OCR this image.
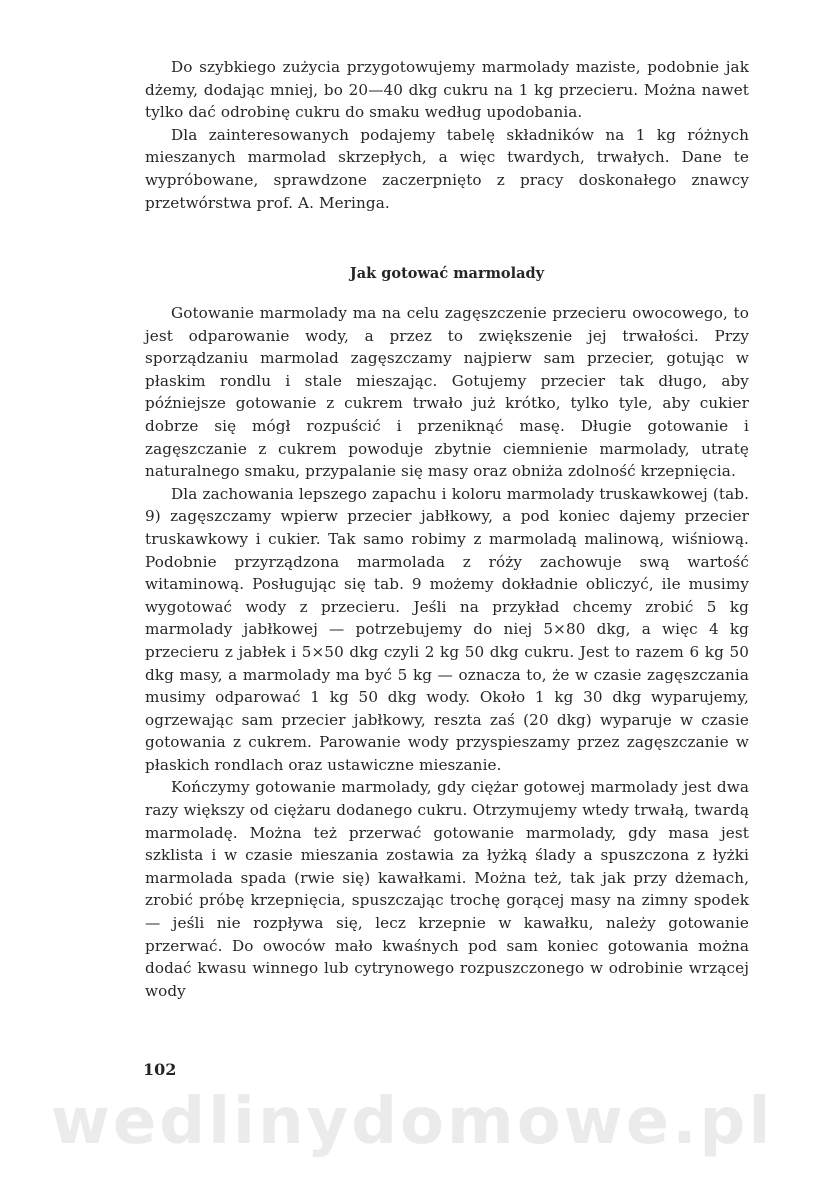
Do szybkiego zużycia przygotowujemy marmolady maziste, podobnie jak dżemy, dodając mniej, bo 20—40 dkg cukru na 1 kg przecieru. Można nawet tylko dać odrobinę cukru do smaku według upodobania.

Dla zainteresowanych podajemy tabelę składników na 1 kg różnych mieszanych marmolad skrzepłych, a więc twardych, trwałych. Dane te wypróbowane, sprawdzone zaczerpnięto z pracy doskonałego znawcy przetwórstwa prof. A. Meringa.

Jak gotować marmolady

Gotowanie marmolady ma na celu zagęszczenie przecieru owocowego, to jest odparowanie wody, a przez to zwiększenie jej trwałości. Przy sporządzaniu marmolad zagęszczamy najpierw sam przecier, gotując w płaskim rondlu i stale mieszając. Gotujemy przecier tak długo, aby późniejsze gotowanie z cukrem trwało już krótko, tylko tyle, aby cukier dobrze się mógł rozpuścić i przeniknąć masę. Długie gotowanie i zagęszczanie z cukrem powoduje zbytnie ciemnienie marmolady, utratę naturalnego smaku, przypalanie się masy oraz obniża zdolność krzepnięcia.

Dla zachowania lepszego zapachu i koloru marmolady truskawkowej (tab. 9) zagęszczamy wpierw przecier jabłkowy, a pod koniec dajemy przecier truskawkowy i cukier. Tak samo robimy z marmoladą malinową, wiśniową. Podobnie przyrządzona marmolada z róży zachowuje swą wartość witaminową. Posługując się tab. 9 możemy dokładnie obliczyć, ile musimy wygotować wody z przecieru. Jeśli na przykład chcemy zrobić 5 kg marmolady jabłkowej — potrzebujemy do niej 5×80 dkg, a więc 4 kg przecieru z jabłek i 5×50 dkg czyli 2 kg 50 dkg cukru. Jest to razem 6 kg 50 dkg masy, a marmolady ma być 5 kg — oznacza to, że w czasie zagęszczania musimy odparować 1 kg 50 dkg wody. Około 1 kg 30 dkg wyparujemy, ogrzewając sam przecier jabłkowy, reszta zaś (20 dkg) wyparuje w czasie gotowania z cukrem. Parowanie wody przyspieszamy przez zagęszczanie w płaskich rondlach oraz ustawiczne mieszanie.

Kończymy gotowanie marmolady, gdy ciężar gotowej marmolady jest dwa razy większy od ciężaru dodanego cukru. Otrzymujemy wtedy trwałą, twardą marmoladę. Można też przerwać gotowanie marmolady, gdy masa jest szklista i w czasie mieszania zostawia za łyżką ślady a spuszczona z łyżki marmolada spada (rwie się) kawałkami. Można też, tak jak przy dżemach, zrobić próbę krzepnięcia, spuszczając trochę gorącej masy na zimny spodek — jeśli nie rozpływa się, lecz krzepnie w kawałku, należy gotowanie przerwać. Do owoców mało kwaśnych pod sam koniec gotowania można dodać kwasu winnego lub cytrynowego rozpuszczonego w odrobinie wrzącej wody

102
wedlinydomowe.pl
